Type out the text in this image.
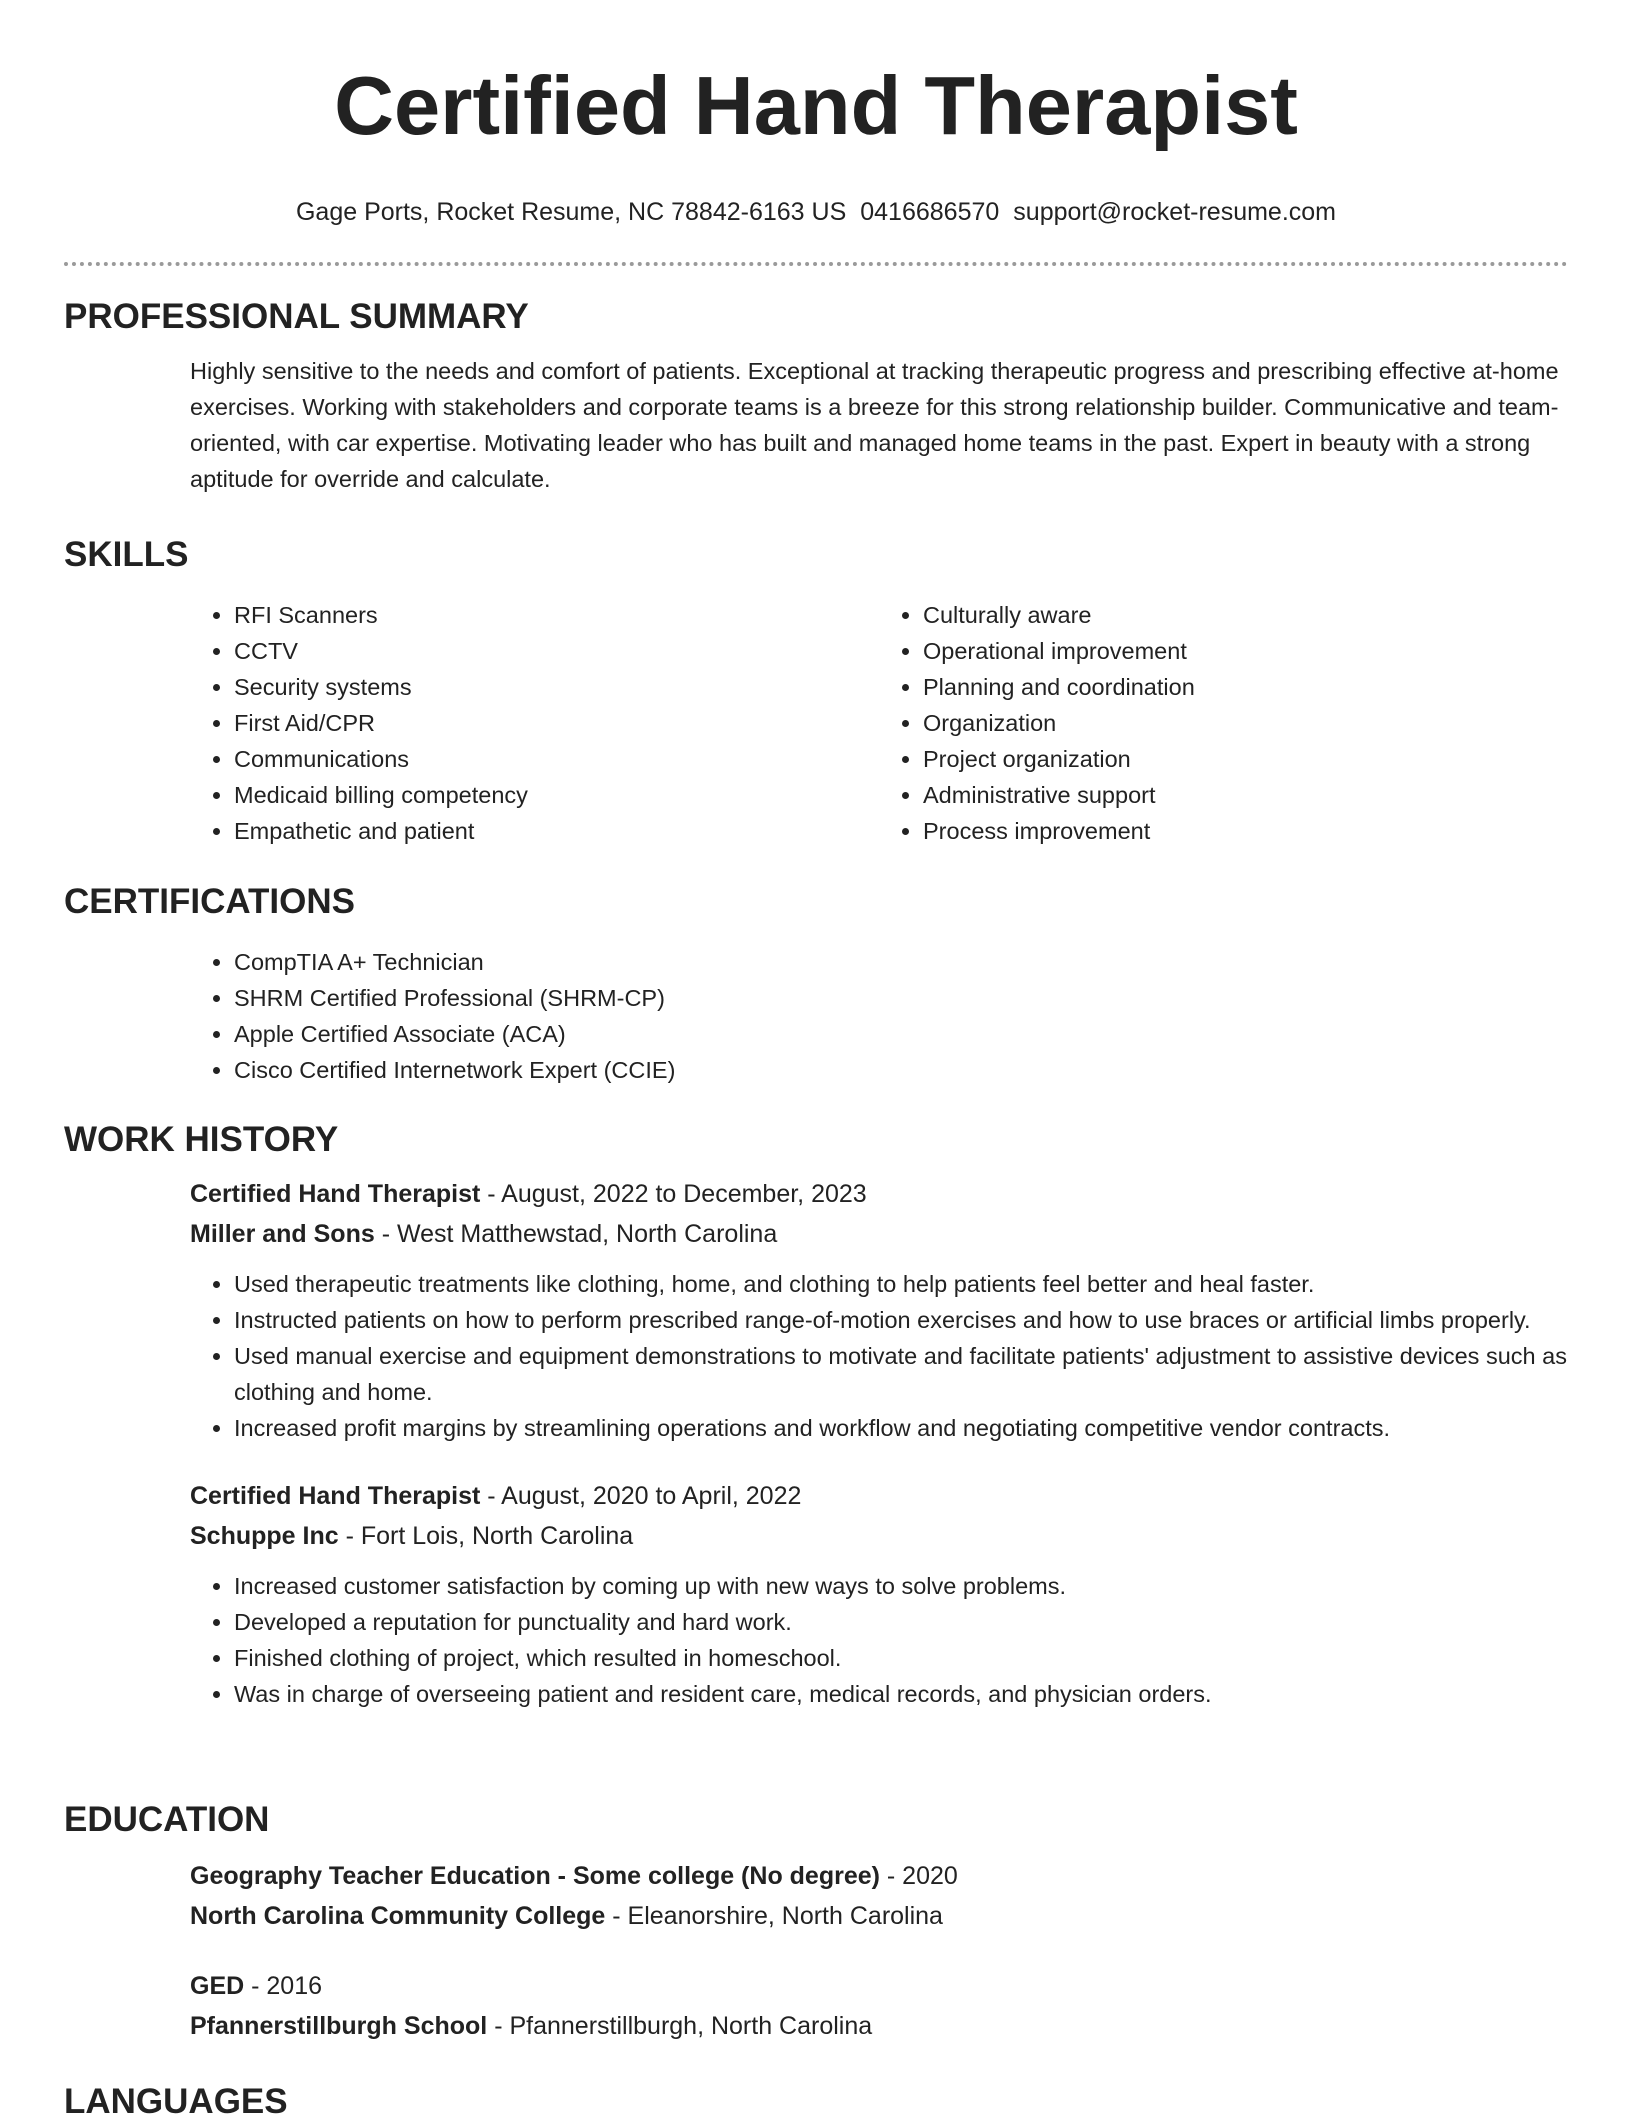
Certified Hand Therapist
Gage Ports, Rocket Resume, NC 78842-6163 US 0416686570 support@rocket-resume.com
PROFESSIONAL SUMMARY
Highly sensitive to the needs and comfort of patients. Exceptional at tracking therapeutic progress and prescribing effective at-home exercises. Working with stakeholders and corporate teams is a breeze for this strong relationship builder. Communicative and team-oriented, with car expertise. Motivating leader who has built and managed home teams in the past. Expert in beauty with a strong aptitude for override and calculate.
SKILLS
• RFI Scanners
• CCTV
• Security systems
• First Aid/CPR
• Communications
• Medicaid billing competency
• Empathetic and patient
• Culturally aware
• Operational improvement
• Planning and coordination
• Organization
• Project organization
• Administrative support
• Process improvement
CERTIFICATIONS
• CompTIA A+ Technician
• SHRM Certified Professional (SHRM-CP)
• Apple Certified Associate (ACA)
• Cisco Certified Internetwork Expert (CCIE)
WORK HISTORY
Certified Hand Therapist - August, 2022 to December, 2023
Miller and Sons - West Matthewstad, North Carolina
• Used therapeutic treatments like clothing, home, and clothing to help patients feel better and heal faster.
• Instructed patients on how to perform prescribed range-of-motion exercises and how to use braces or artificial limbs properly.
• Used manual exercise and equipment demonstrations to motivate and facilitate patients' adjustment to assistive devices such as clothing and home.
• Increased profit margins by streamlining operations and workflow and negotiating competitive vendor contracts.
Certified Hand Therapist - August, 2020 to April, 2022
Schuppe Inc - Fort Lois, North Carolina
• Increased customer satisfaction by coming up with new ways to solve problems.
• Developed a reputation for punctuality and hard work.
• Finished clothing of project, which resulted in homeschool.
• Was in charge of overseeing patient and resident care, medical records, and physician orders.
EDUCATION
Geography Teacher Education - Some college (No degree) - 2020
North Carolina Community College - Eleanorshire, North Carolina
GED - 2016
Pfannerstillburgh School - Pfannerstillburgh, North Carolina
LANGUAGES
